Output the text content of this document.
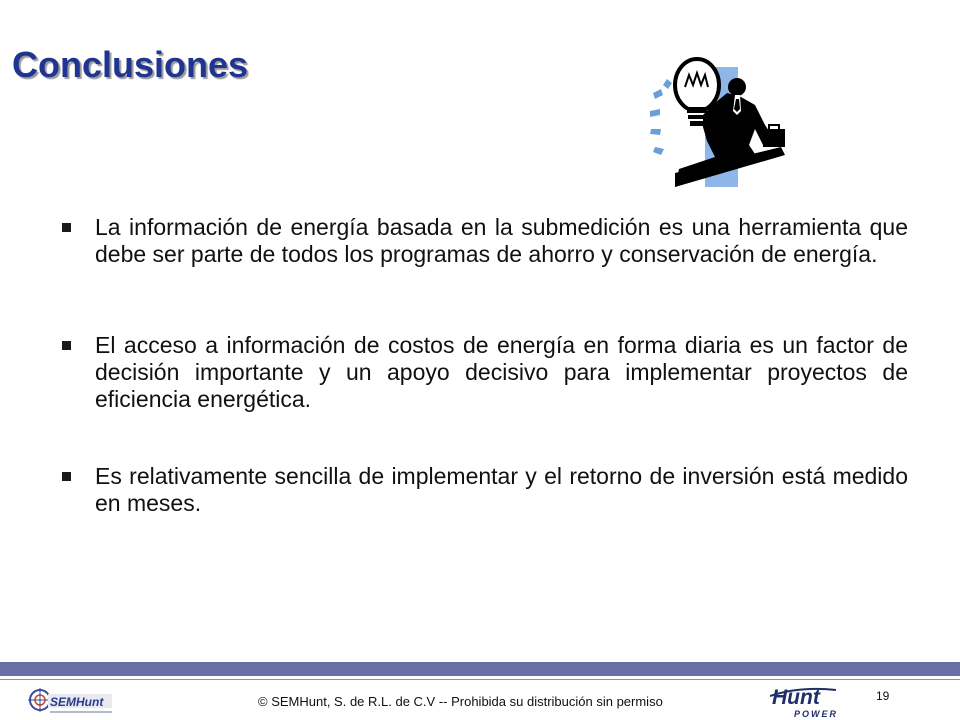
Conclusiones
La información de energía basada en la submedición es una herramienta que debe ser parte de todos los programas de ahorro y conservación de energía.
El acceso a información de costos de energía en forma diaria es un factor de decisión importante y un apoyo decisivo para implementar proyectos de eficiencia energética.
Es relativamente sencilla de implementar y el retorno de inversión está medido en meses.
SEMHunt	© SEMHunt, S. de R.L. de C.V -- Prohibida su distribución sin permiso	19
Hunt
POWER
